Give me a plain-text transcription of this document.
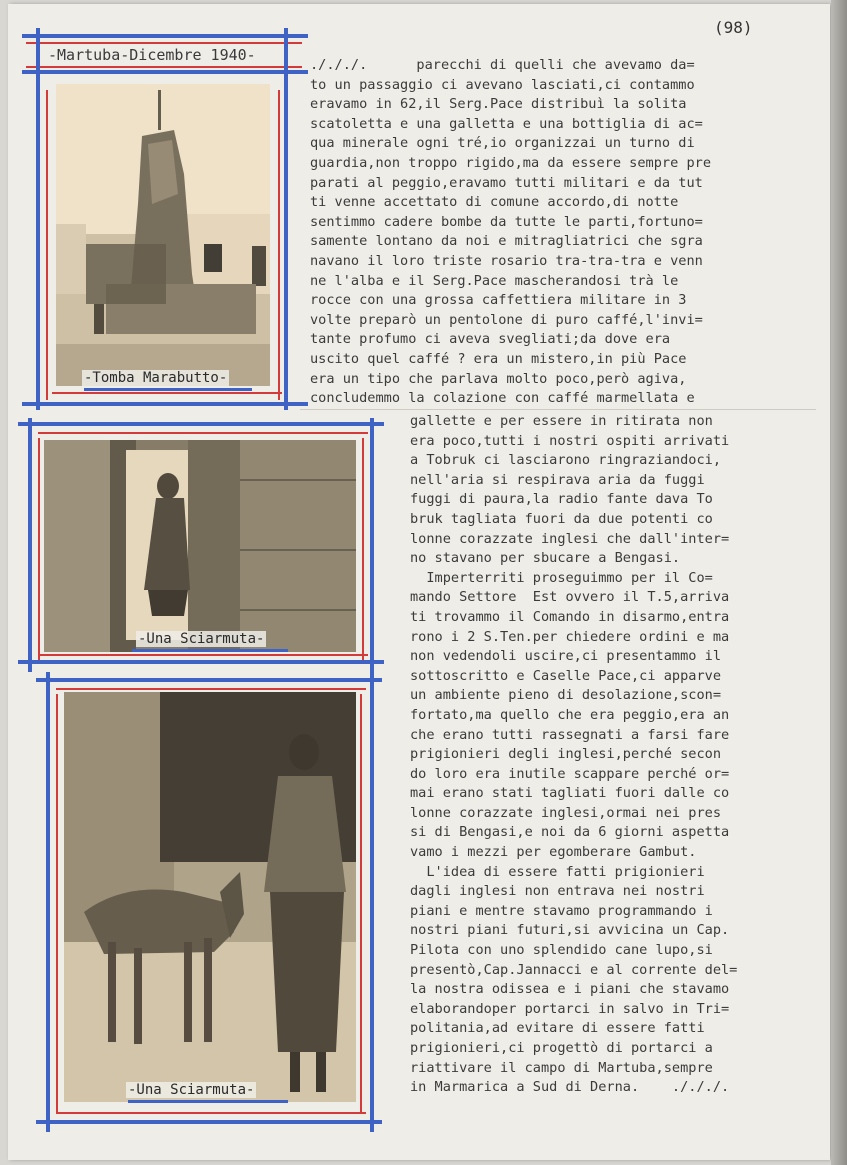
(98)
-Martuba-Dicembre 1940-
-Tomba Marabutto-
-Una Sciarmuta-
-Una Sciarmuta-
./././.      parecchi di quelli che avevamo da=
to un passaggio ci avevano lasciati,ci contammo
eravamo in 62,il Serg.Pace distribuì la solita
scatoletta e una galletta e una bottiglia di ac=
qua minerale ogni tré,io organizzai un turno di
guardia,non troppo rigido,ma da essere sempre pre
parati al peggio,eravamo tutti militari e da tut
ti venne accettato di comune accordo,di notte
sentimmo cadere bombe da tutte le parti,fortuno=
samente lontano da noi e mitragliatrici che sgra
navano il loro triste rosario tra-tra-tra e venn
ne l'alba e il Serg.Pace mascherandosi trà le
rocce con una grossa caffettiera militare in 3
volte preparò un pentolone di puro caffé,l'invi=
tante profumo ci aveva svegliati;da dove era
uscito quel caffé ? era un mistero,in più Pace
era un tipo che parlava molto poco,però agiva,
concludemmo la colazione con caffé marmellata e
gallette e per essere in ritirata non
era poco,tutti i nostri ospiti arrivati
a Tobruk ci lasciarono ringraziandoci,
nell'aria si respirava aria da fuggi
fuggi di paura,la radio fante dava To
bruk tagliata fuori da due potenti co
lonne corazzate inglesi che dall'inter=
no stavano per sbucare a Bengasi.
Imperterriti proseguimmo per il Co=
mando Settore  Est ovvero il T.5,arriva
ti trovammo il Comando in disarmo,entra
rono i 2 S.Ten.per chiedere ordini e ma
non vedendoli uscire,ci presentammo il
sottoscritto e Caselle Pace,ci apparve
un ambiente pieno di desolazione,scon=
fortato,ma quello che era peggio,era an
che erano tutti rassegnati a farsi fare
prigionieri degli inglesi,perché secon
do loro era inutile scappare perché or=
mai erano stati tagliati fuori dalle co
lonne corazzate inglesi,ormai nei pres
si di Bengasi,e noi da 6 giorni aspetta
vamo i mezzi per egomberare Gambut.
L'idea di essere fatti prigionieri
dagli inglesi non entrava nei nostri
piani e mentre stavamo programmando i
nostri piani futuri,si avvicina un Cap.
Pilota con uno splendido cane lupo,si
presentò,Cap.Jannacci e al corrente del=
la nostra odissea e i piani che stavamo
elaborandoper portarci in salvo in Tri=
politania,ad evitare di essere fatti
prigionieri,ci progettò di portarci a
riattivare il campo di Martuba,sempre
in Marmarica a Sud di Derna.    ./././.
